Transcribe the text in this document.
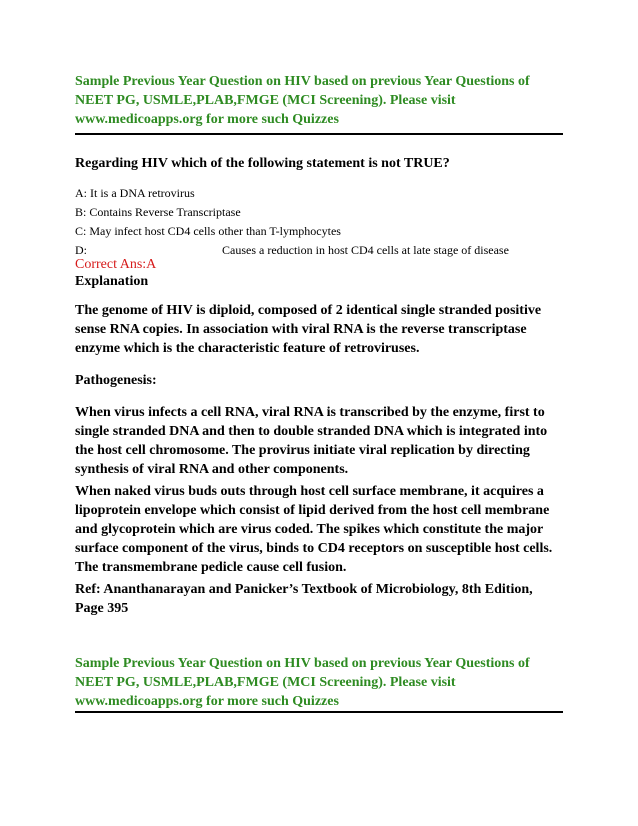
Sample Previous Year Question on HIV based on previous Year Questions of
NEET PG, USMLE,PLAB,FMGE (MCI Screening). Please visit
www.medicoapps.org for more such Quizzes
Regarding HIV which of the following statement is not TRUE?
A: It is a DNA retrovirus
B: Contains Reverse Transcriptase
C: May infect host CD4 cells other than T-lymphocytes
D:	Causes a reduction in host CD4 cells at late stage of disease
Correct Ans:A
Explanation
The genome of HIV is diploid, composed of 2 identical single stranded positive
sense RNA copies. In association with viral RNA is the reverse transcriptase
enzyme which is the characteristic feature of retroviruses.
Pathogenesis:
When virus infects a cell RNA, viral RNA is transcribed by the enzyme, first to
single stranded DNA and then to double stranded DNA which is integrated into
the host cell chromosome. The provirus initiate viral replication by directing
synthesis of viral RNA and other components.
When naked virus buds outs through host cell surface membrane, it acquires a
lipoprotein envelope which consist of lipid derived from the host cell membrane
and glycoprotein which are virus coded. The spikes which constitute the major
surface component of the virus, binds to CD4 receptors on susceptible host cells.
The transmembrane pedicle cause cell fusion.
Ref: Ananthanarayan and Panicker’s Textbook of Microbiology, 8th Edition,
Page 395
Sample Previous Year Question on HIV based on previous Year Questions of
NEET PG, USMLE,PLAB,FMGE (MCI Screening). Please visit
www.medicoapps.org for more such Quizzes
